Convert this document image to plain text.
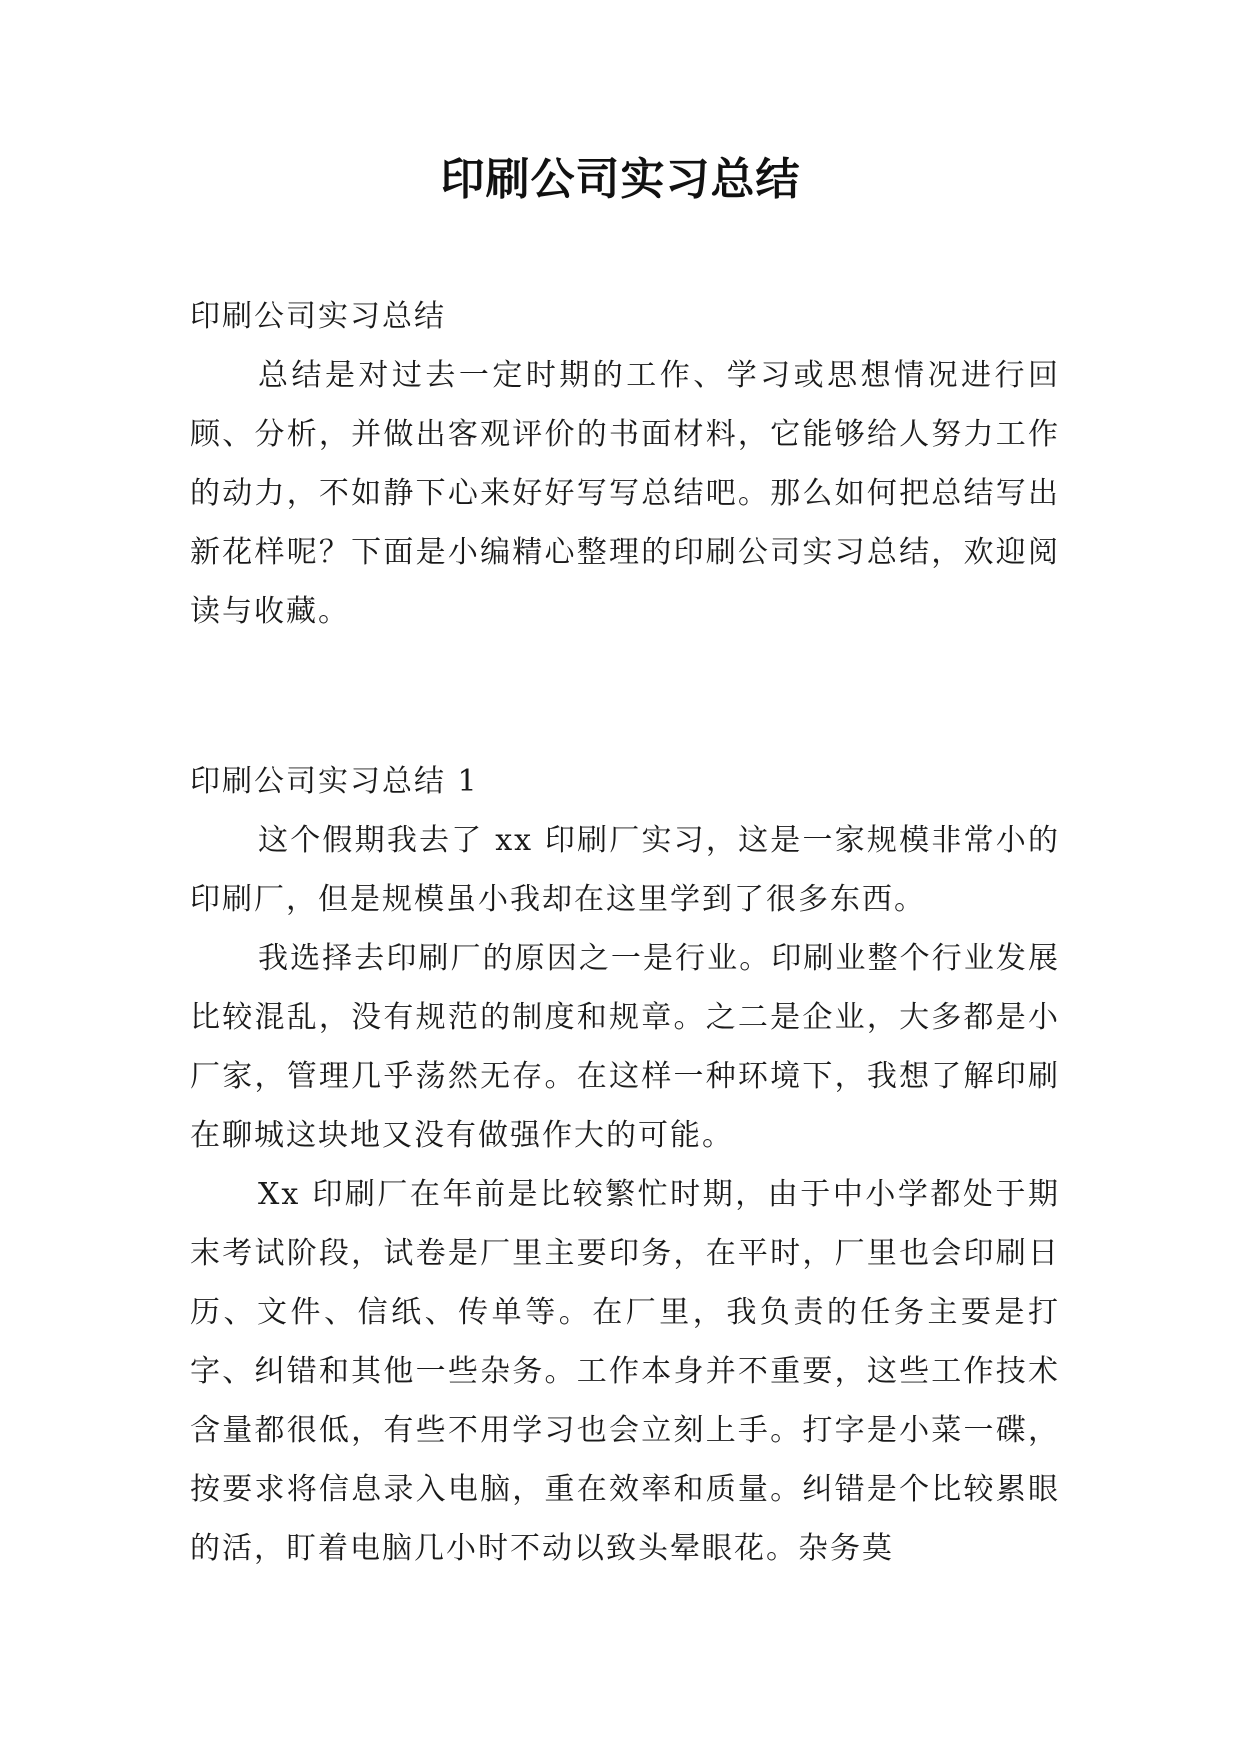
印刷公司实习总结

印刷公司实习总结

总结是对过去一定时期的工作、学习或思想情况进行回顾、分析，并做出客观评价的书面材料，它能够给人努力工作的动力，不如静下心来好好写写总结吧。那么如何把总结写出新花样呢？下面是小编精心整理的印刷公司实习总结，欢迎阅读与收藏。

印刷公司实习总结 1

这个假期我去了 xx 印刷厂实习，这是一家规模非常小的印刷厂，但是规模虽小我却在这里学到了很多东西。

我选择去印刷厂的原因之一是行业。印刷业整个行业发展比较混乱，没有规范的制度和规章。之二是企业，大多都是小厂家，管理几乎荡然无存。在这样一种环境下，我想了解印刷在聊城这块地又没有做强作大的可能。

Xx 印刷厂在年前是比较繁忙时期，由于中小学都处于期末考试阶段，试卷是厂里主要印务，在平时，厂里也会印刷日历、文件、信纸、传单等。在厂里，我负责的任务主要是打字、纠错和其他一些杂务。工作本身并不重要，这些工作技术含量都很低，有些不用学习也会立刻上手。打字是小菜一碟，按要求将信息录入电脑，重在效率和质量。纠错是个比较累眼的活，盯着电脑几小时不动以致头晕眼花。杂务莫
